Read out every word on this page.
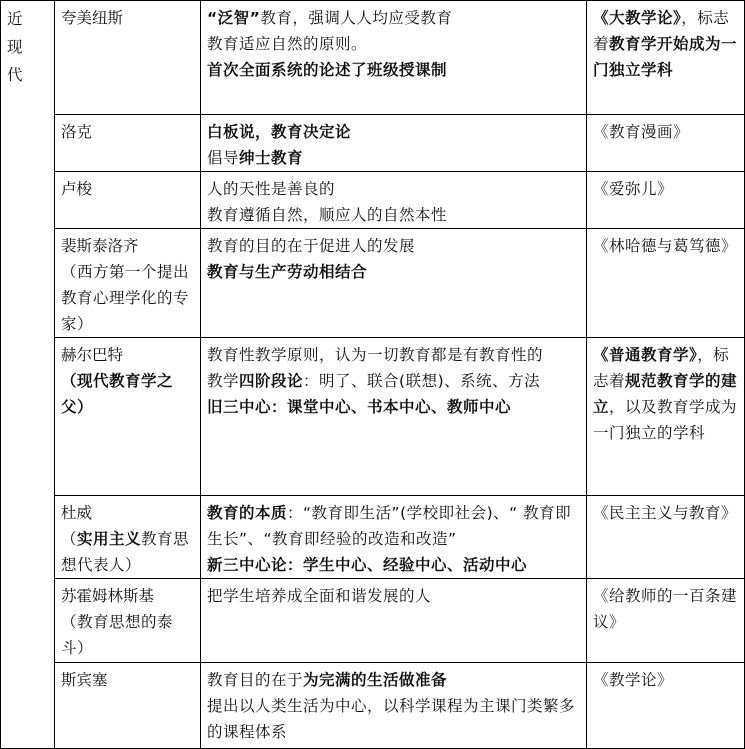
近现代	夸美纽斯	“泛智”教育，强调人人均应受教育
教育适应自然的原则。
首次全面系统的论述了班级授课制	《大教学论》，标志着教育学开始成为一门独立学科

	洛克	白板说，教育决定论
倡导绅士教育	《教育漫画》

	卢梭	人的天性是善良的
教育遵循自然，顺应人的自然本性	《爱弥儿》

	裴斯泰洛齐
（西方第一个提出教育心理学化的专家）	教育的目的在于促进人的发展
教育与生产劳动相结合	《林哈德与葛笃德》

	赫尔巴特
（现代教育学之父）	教育性教学原则，认为一切教育都是有教育性的
教学四阶段论：明了、联合(联想)、系统、方法
旧三中心：课堂中心、书本中心、教师中心	《普通教育学》，标志着规范教育学的建立，以及教育学成为一门独立的学科

	杜威
（实用主义教育思想代表人）	教育的本质：“教育即生活”(学校即社会)、“ 教育即生长”、“教育即经验的改造和改造”
新三中心论：学生中心、经验中心、活动中心	《民主主义与教育》

	苏霍姆林斯基
（教育思想的泰斗）	把学生培养成全面和谐发展的人	《给教师的一百条建议》

	斯宾塞	教育目的在于为完满的生活做准备
提出以人类生活为中心，以科学课程为主课门类繁多的课程体系	《教学论》
